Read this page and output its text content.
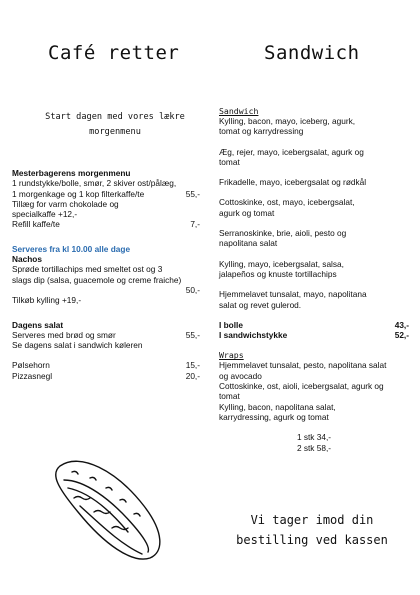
Café retter	Sandwich
Start dagen med vores lækre
morgenmenu

Mesterbagerens morgenmenu

1 rundstykke/bolle, smør, 2 skiver ost/pålæg,

1 morgenkage og 1 kop filterkaffe/te	55,-

Tillæg for varm chokolade og

specialkaffe +12,-

Refill kaffe/te	7,-

Serveres fra kl 10.00 alle dage

Nachos

Sprøde tortillachips med smeltet ost og 3

slags dip (salsa, guacemole og creme fraiche)

50,-

Tilkøb kylling +19,-

Dagens salat

Serveres med brød og smør	55,-

Se dagens salat i sandwich køleren

Pølsehorn	15,-

Pizzasnegl	20,-

Sandwich

Kylling, bacon, mayo, iceberg, agurk,

tomat og karrydressing

Æg, rejer, mayo, icebergsalat, agurk og

tomat

Frikadelle, mayo, icebergsalat og rødkål

Cottoskinke, ost, mayo, icebergsalat,

agurk og tomat

Serranoskinke, brie, aioli, pesto og

napolitana salat

Kylling, mayo, icebergsalat, salsa,

jalapeños og knuste tortillachips

Hjemmelavet tunsalat, mayo, napolitana

salat og revet gulerod.

I bolle	43,-

I sandwichstykke	52,-

Wraps

Hjemmelavet tunsalat, pesto, napolitana salat

og avocado

Cottoskinke, ost, aioli, icebergsalat, agurk og

tomat

Kylling, bacon, napolitana salat,

karrydressing, agurk og tomat

1 stk 34,-

2 stk 58,-

Vi tager imod din
bestilling ved kassen
